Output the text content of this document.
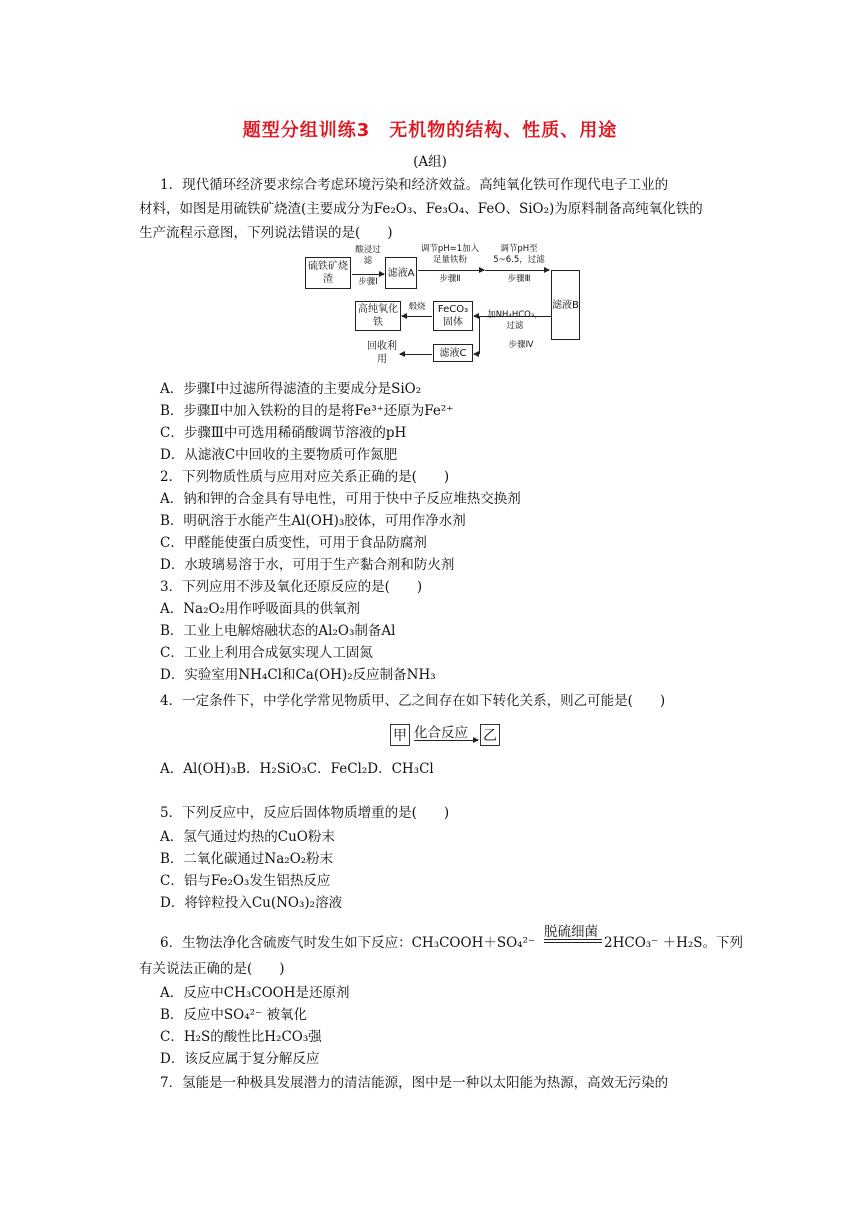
题型分组训练3　无机物的结构、性质、用途
(A组)
1．现代循环经济要求综合考虑环境污染和经济效益。高纯氧化铁可作现代电子工业的
材料，如图是用硫铁矿烧渣(主要成分为Fe₂O₃、Fe₃O₄、FeO、SiO₂)为原料制备高纯氧化铁的
生产流程示意图，下列说法错误的是(　　)
硫铁矿烧渣
滤液A
滤液B
FeCO₃固体
高纯氧化铁
滤液C
回收利用
酸浸过滤
步骤Ⅰ
调节pH=1加入足量铁粉
步骤Ⅱ
调节pH至5~6.5，过滤
步骤Ⅲ
加NH₄HCO₃，过滤
步骤Ⅳ
煅烧
A．步骤Ⅰ中过滤所得滤渣的主要成分是SiO₂
B．步骤Ⅱ中加入铁粉的目的是将Fe³⁺还原为Fe²⁺
C．步骤Ⅲ中可选用稀硝酸调节溶液的pH
D．从滤液C中回收的主要物质可作氮肥
2．下列物质性质与应用对应关系正确的是(　　)
A．钠和钾的合金具有导电性，可用于快中子反应堆热交换剂
B．明矾溶于水能产生Al(OH)₃胶体，可用作净水剂
C．甲醛能使蛋白质变性，可用于食品防腐剂
D．水玻璃易溶于水，可用于生产黏合剂和防火剂
3．下列应用不涉及氧化还原反应的是(　　)
A．Na₂O₂用作呼吸面具的供氧剂
B．工业上电解熔融状态的Al₂O₃制备Al
C．工业上利用合成氨实现人工固氮
D．实验室用NH₄Cl和Ca(OH)₂反应制备NH₃
4．一定条件下，中学化学常见物质甲、乙之间存在如下转化关系，则乙可能是(　　)
甲 化合反应 乙
A．Al(OH)₃B．H₂SiO₃C．FeCl₂D．CH₃Cl
5．下列反应中，反应后固体物质增重的是(　　)
A．氢气通过灼热的CuO粉末
B．二氧化碳通过Na₂O₂粉末
C．铝与Fe₂O₃发生铝热反应
D．将锌粒投入Cu(NO₃)₂溶液
6．生物法净化含硫废气时发生如下反应：CH₃COOH＋SO₄²⁻
脱硫细菌
2HCO₃⁻ ＋H₂S。下列
有关说法正确的是(　　)
A．反应中CH₃COOH是还原剂
B．反应中SO₄²⁻ 被氧化
C．H₂S的酸性比H₂CO₃强
D．该反应属于复分解反应
7．氢能是一种极具发展潜力的清洁能源，图中是一种以太阳能为热源，高效无污染的
